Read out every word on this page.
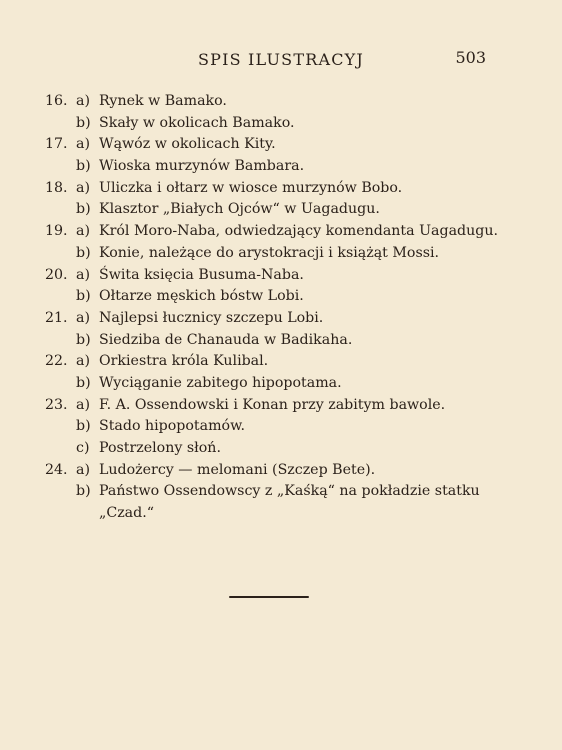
SPIS ILUSTRACYJ	503
16. a) Rynek w Bamako.
b) Skały w okolicach Bamako.
17. a) Wąwóz w okolicach Kity.
b) Wioska murzynów Bambara.
18. a) Uliczka i ołtarz w wiosce murzynów Bobo.
b) Klasztor „Białych Ojców“ w Uagadugu.
19. a) Król Moro-Naba, odwiedzający komendanta Uagadugu.
b) Konie, należące do arystokracji i książąt Mossi.
20. a) Świta księcia Busuma-Naba.
b) Ołtarze męskich bóstw Lobi.
21. a) Najlepsi łucznicy szczepu Lobi.
b) Siedziba de Chanauda w Badikaha.
22. a) Orkiestra króla Kulibal.
b) Wyciąganie zabitego hipopotama.
23. a) F. A. Ossendowski i Konan przy zabitym bawole.
b) Stado hipopotamów.
c) Postrzelony słoń.
24. a) Ludożercy — melomani (Szczep Bete).
b) Państwo Ossendowscy z „Kaśką“ na pokładzie statku
„Czad.“
